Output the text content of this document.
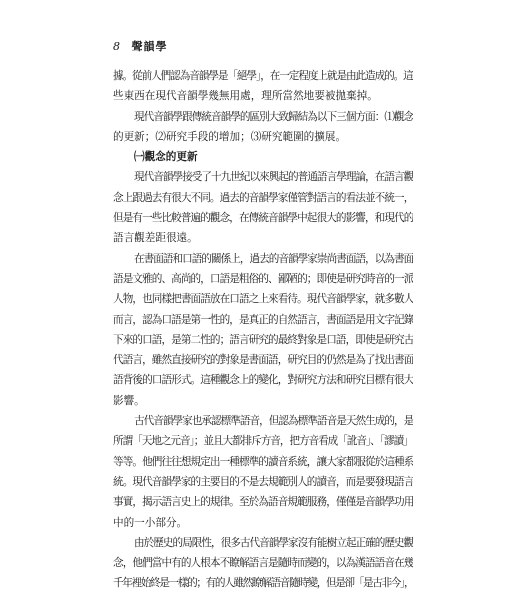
8 聲韻學
據。從前人們認為音韻學是「絕學」，在一定程度上就是由此造成的。這
些東西在現代音韻學幾無用處，理所當然地要被拋棄掉。
現代音韻學跟傳統音韻學的區別大致歸結為以下三個方面：⑴觀念
的更新；⑵研究手段的增加；⑶研究範圍的擴展。
㈠觀念的更新
現代音韻學接受了十九世紀以來興起的普通語言學理論，在語言觀
念上跟過去有很大不同。過去的音韻學家僅管對語言的看法並不統一，
但是有一些比較普遍的觀念，在傳統音韻學中起很大的影響，和現代的
語言觀差距很遠。
在書面語和口語的關係上，過去的音韻學家崇尚書面語，以為書面
語是文雅的、高尚的，口語是粗俗的、鄙陋的；即使是研究時音的一派
人物，也同樣把書面語放在口語之上來看待。現代音韻學家，就多數人
而言，認為口語是第一性的，是真正的自然語言，書面語是用文字記錄
下來的口語，是第二性的；語言研究的最終對象是口語，即使是研究古
代語言，雖然直接研究的對象是書面語，研究目的仍然是為了找出書面
語背後的口語形式。這種觀念上的變化，對研究方法和研究目標有很大
影響。
古代音韻學家也承認標準語音，但認為標準語音是天然生成的，是
所謂「天地之元音」；並且大都排斥方音，把方音看成「訛音」、「謬讀」
等等。他們往往想規定出一種標準的讀音系統，讓大家都服從於這種系
統。現代音韻學家的主要目的不是去規範別人的讀音，而是要發現語言
事實，揭示語言史上的規律。至於為語音規範服務，僅僅是音韻學功用
中的一小部分。
由於歷史的局限性，很多古代音韻學家沒有能樹立起正確的歷史觀
念，他們當中有的人根本不瞭解語言是隨時而變的，以為漢語語音在幾
千年裡始終是一樣的；有的人雖然瞭解語音隨時變，但是卻「是古非今」，
